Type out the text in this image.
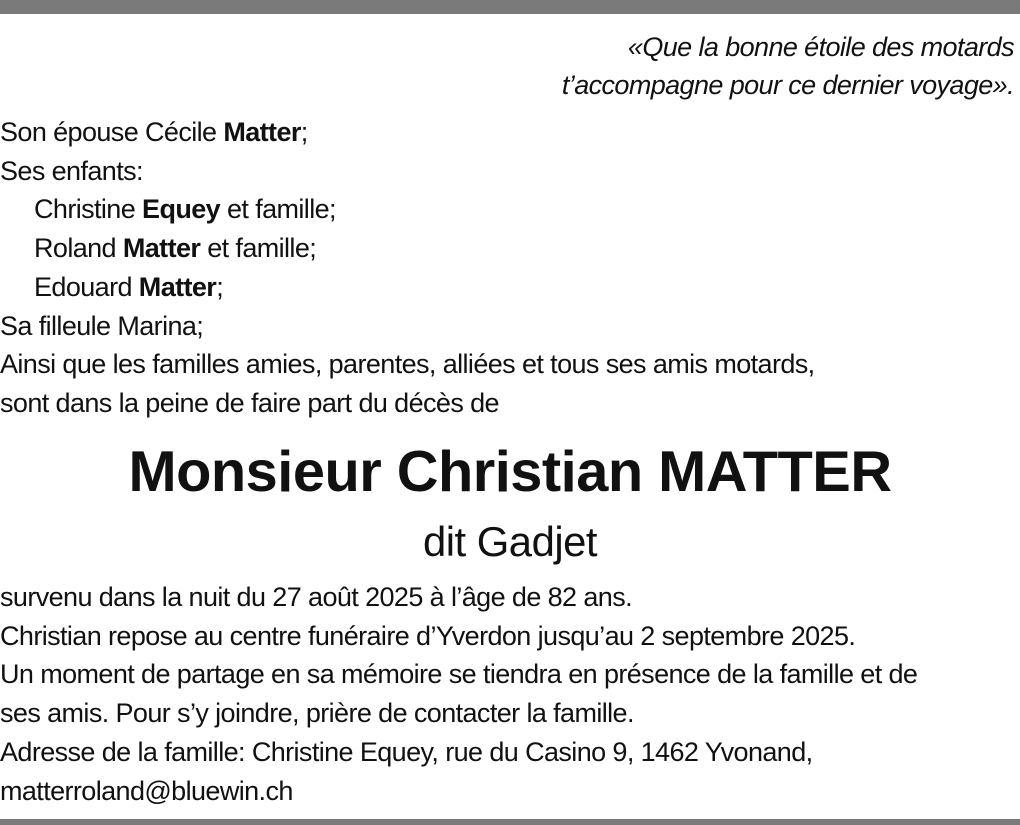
«Que la bonne étoile des motards
t’accompagne pour ce dernier voyage».
Son épouse Cécile Matter;
Ses enfants:
Christine Equey et famille;
Roland Matter et famille;
Edouard Matter;
Sa filleule Marina;
Ainsi que les familles amies, parentes, alliées et tous ses amis motards,
sont dans la peine de faire part du décès de
Monsieur Christian MATTER
dit Gadjet
survenu dans la nuit du 27 août 2025 à l’âge de 82 ans.
Christian repose au centre funéraire d’Yverdon jusqu’au 2 septembre 2025.
Un moment de partage en sa mémoire se tiendra en présence de la famille et de
ses amis. Pour s’y joindre, prière de contacter la famille.
Adresse de la famille: Christine Equey, rue du Casino 9, 1462 Yvonand,
matterroland@bluewin.ch
